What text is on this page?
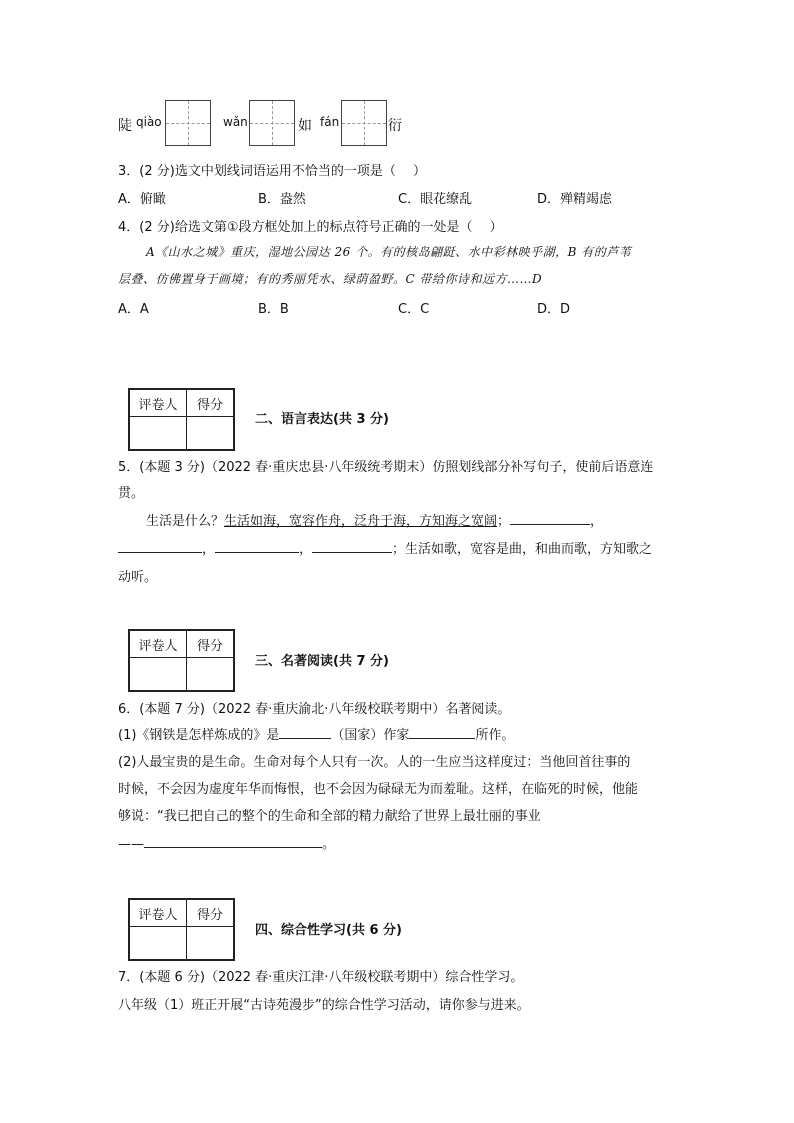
陡 qiào	wǎn	如 fán	衍
3．(2 分)选文中划线词语运用不恰当的一项是（　 ）
A．俯瞰	B．盎然	C．眼花缭乱	D．殚精竭虑
4．(2 分)给选文第①段方框处加上的标点符号正确的一处是（　 ）
A《山水之城》重庆，湿地公园达 26 个。有的核岛翩跹、水中彩林映乎湖，B 有的芦苇
层叠、仿佛置身于画境；有的秀丽凭水、绿荫盈野。C 带给你诗和远方……D
A．A	B．B	C．C	D．D
评卷人	得分

二、语言表达(共 3 分)
5．(本题 3 分)（2022 春·重庆忠县·八年级统考期末）仿照划线部分补写句子，使前后语意连
贯。
生活是什么？生活如海，宽容作舟，泛舟于海，方知海之宽阔；	，
，	，	；生活如歌，宽容是曲，和曲而歌，方知歌之
动听。
评卷人	得分

三、名著阅读(共 7 分)
6．(本题 7 分)（2022 春·重庆渝北·八年级校联考期中）名著阅读。
(1)《钢铁是怎样炼成的》是	（国家）作家	所作。
(2)人最宝贵的是生命。生命对每个人只有一次。人的一生应当这样度过：当他回首往事的
时候，不会因为虚度年华而悔恨，也不会因为碌碌无为而羞耻。这样，在临死的时候，他能
够说：“我已把自己的整个的生命和全部的精力献给了世界上最壮丽的事业
——	。
评卷人	得分

四、综合性学习(共 6 分)
7．(本题 6 分)（2022 春·重庆江津·八年级校联考期中）综合性学习。
八年级（1）班正开展“古诗苑漫步”的综合性学习活动，请你参与进来。
